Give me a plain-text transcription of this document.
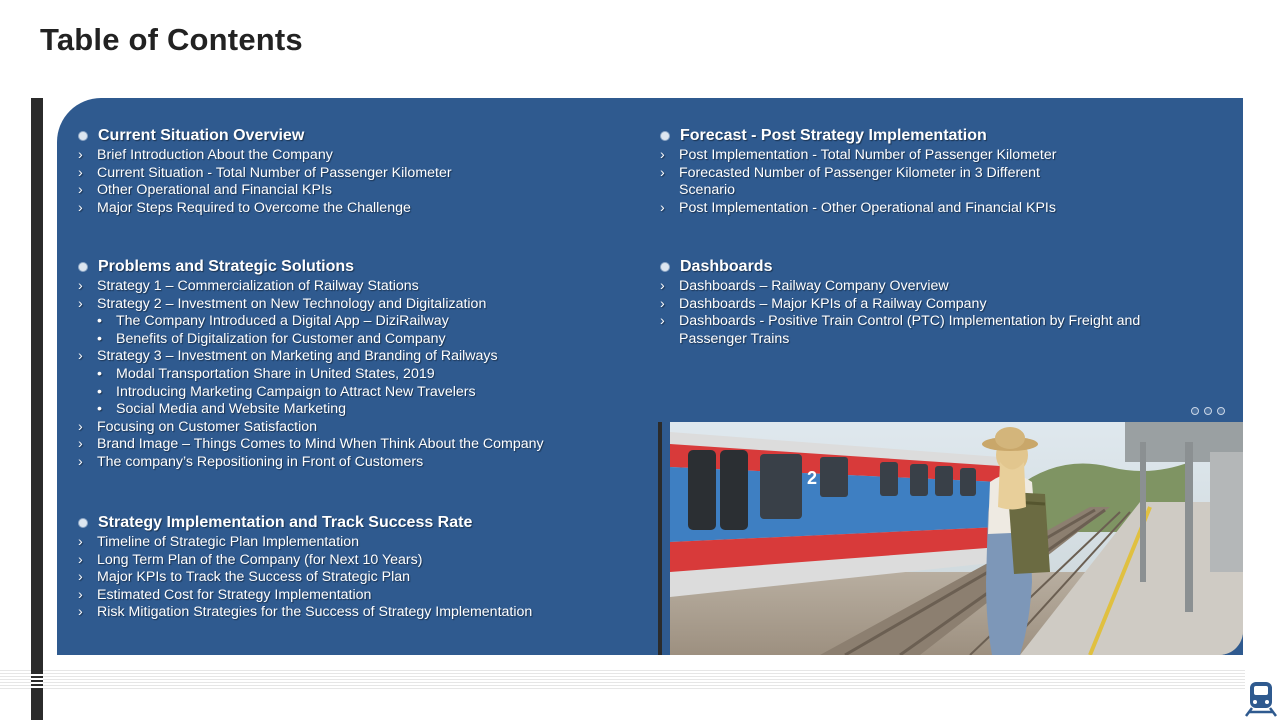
Table of Contents
Current Situation Overview
› Brief Introduction About the Company
› Current Situation - Total Number of Passenger Kilometer
› Other Operational and Financial KPIs
› Major Steps Required to Overcome the Challenge
Problems and Strategic Solutions
› Strategy 1 – Commercialization of Railway Stations
› Strategy 2 – Investment on New Technology and Digitalization
• The Company Introduced a Digital App – DiziRailway
• Benefits of Digitalization for Customer and Company
› Strategy 3 – Investment on Marketing and Branding of Railways
• Modal Transportation Share in United States, 2019
• Introducing Marketing Campaign to Attract New Travelers
• Social Media and Website Marketing
› Focusing on Customer Satisfaction
› Brand Image – Things Comes to Mind When Think About the Company
› The company’s Repositioning in Front of Customers
Strategy Implementation and Track Success Rate
› Timeline of Strategic Plan Implementation
› Long Term Plan of the Company (for Next 10 Years)
› Major KPIs to Track the Success of Strategic Plan
› Estimated Cost for Strategy Implementation
› Risk Mitigation Strategies for the Success of Strategy Implementation
Forecast - Post Strategy Implementation
› Post Implementation - Total Number of Passenger Kilometer
› Forecasted Number of Passenger Kilometer in 3 Different Scenario
› Post Implementation - Other Operational and Financial KPIs
Dashboards
› Dashboards – Railway Company Overview
› Dashboards – Major KPIs of a Railway Company
› Dashboards - Positive Train Control (PTC) Implementation by Freight and Passenger Trains
2
